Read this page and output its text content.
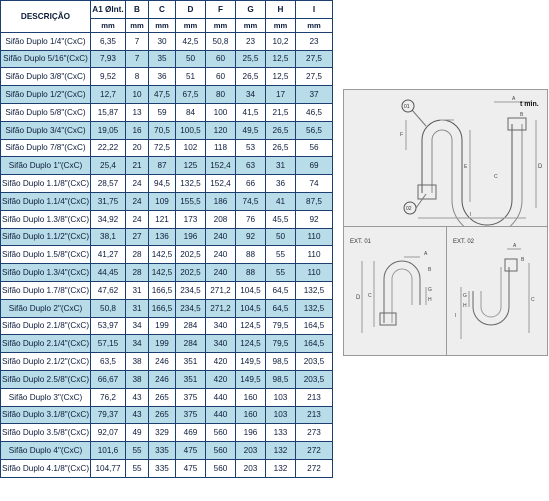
DESCRIÇÃO	A1 Ølnt.	B	C	D	F	G	H	I
	mm	mm	mm	mm	mm	mm	mm	mm
Sifão Duplo 1/4"(CxC)	6,35	7	30	42,5	50,8	23	10,2	23
Sifão Duplo 5/16"(CxC)	7,93	7	35	50	60	25,5	12,5	27,5
Sifão Duplo 3/8"(CxC)	9,52	8	36	51	60	26,5	12,5	27,5
Sifão Duplo 1/2"(CxC)	12,7	10	47,5	67,5	80	34	17	37
Sifão Duplo 5/8"(CxC)	15,87	13	59	84	100	41,5	21,5	46,5
Sifão Duplo 3/4"(CxC)	19,05	16	70,5	100,5	120	49,5	26,5	56,5
Sifão Duplo 7/8"(CxC)	22,22	20	72,5	102	118	53	26,5	56
Sifão Duplo 1"(CxC)	25,4	21	87	125	152,4	63	31	69
Sifão Duplo 1.1/8"(CxC)	28,57	24	94,5	132,5	152,4	66	36	74
Sifão Duplo 1.1/4"(CxC)	31,75	24	109	155,5	186	74,5	41	87,5
Sifão Duplo 1.3/8"(CxC)	34,92	24	121	173	208	76	45,5	92
Sifão Duplo 1.1/2"(CxC)	38,1	27	136	196	240	92	50	110
Sifão Duplo 1.5/8"(CxC)	41,27	28	142,5	202,5	240	88	55	110
Sifão Duplo 1.3/4"(CxC)	44,45	28	142,5	202,5	240	88	55	110
Sifão Duplo 1.7/8"(CxC)	47,62	31	166,5	234,5	271,2	104,5	64,5	132,5
Sifão Duplo 2"(CxC)	50,8	31	166,5	234,5	271,2	104,5	64,5	132,5
Sifão Duplo 2.1/8"(CxC)	53,97	34	199	284	340	124,5	79,5	164,5
Sifão Duplo 2.1/4"(CxC)	57,15	34	199	284	340	124,5	79,5	164,5
Sifão Duplo 2.1/2"(CxC)	63,5	38	246	351	420	149,5	98,5	203,5
Sifão Duplo 2.5/8"(CxC)	66,67	38	246	351	420	149,5	98,5	203,5
Sifão Duplo 3"(CxC)	76,2	43	265	375	440	160	103	213
Sifão Duplo 3.1/8"(CxC)	79,37	43	265	375	440	160	103	213
Sifão Duplo 3.5/8"(CxC)	92,07	49	329	469	560	196	133	273
Sifão Duplo 4"(CxC)	101,6	55	335	475	560	203	132	272
Sifão Duplo 4.1/8"(CxC)	104,77	55	335	475	560	203	132	272
01
02
t min.
A
B
C
D
E
F
I
EXT. 01
A
B
C
D
G
H
EXT. 02
A
B
C
G
H
I
